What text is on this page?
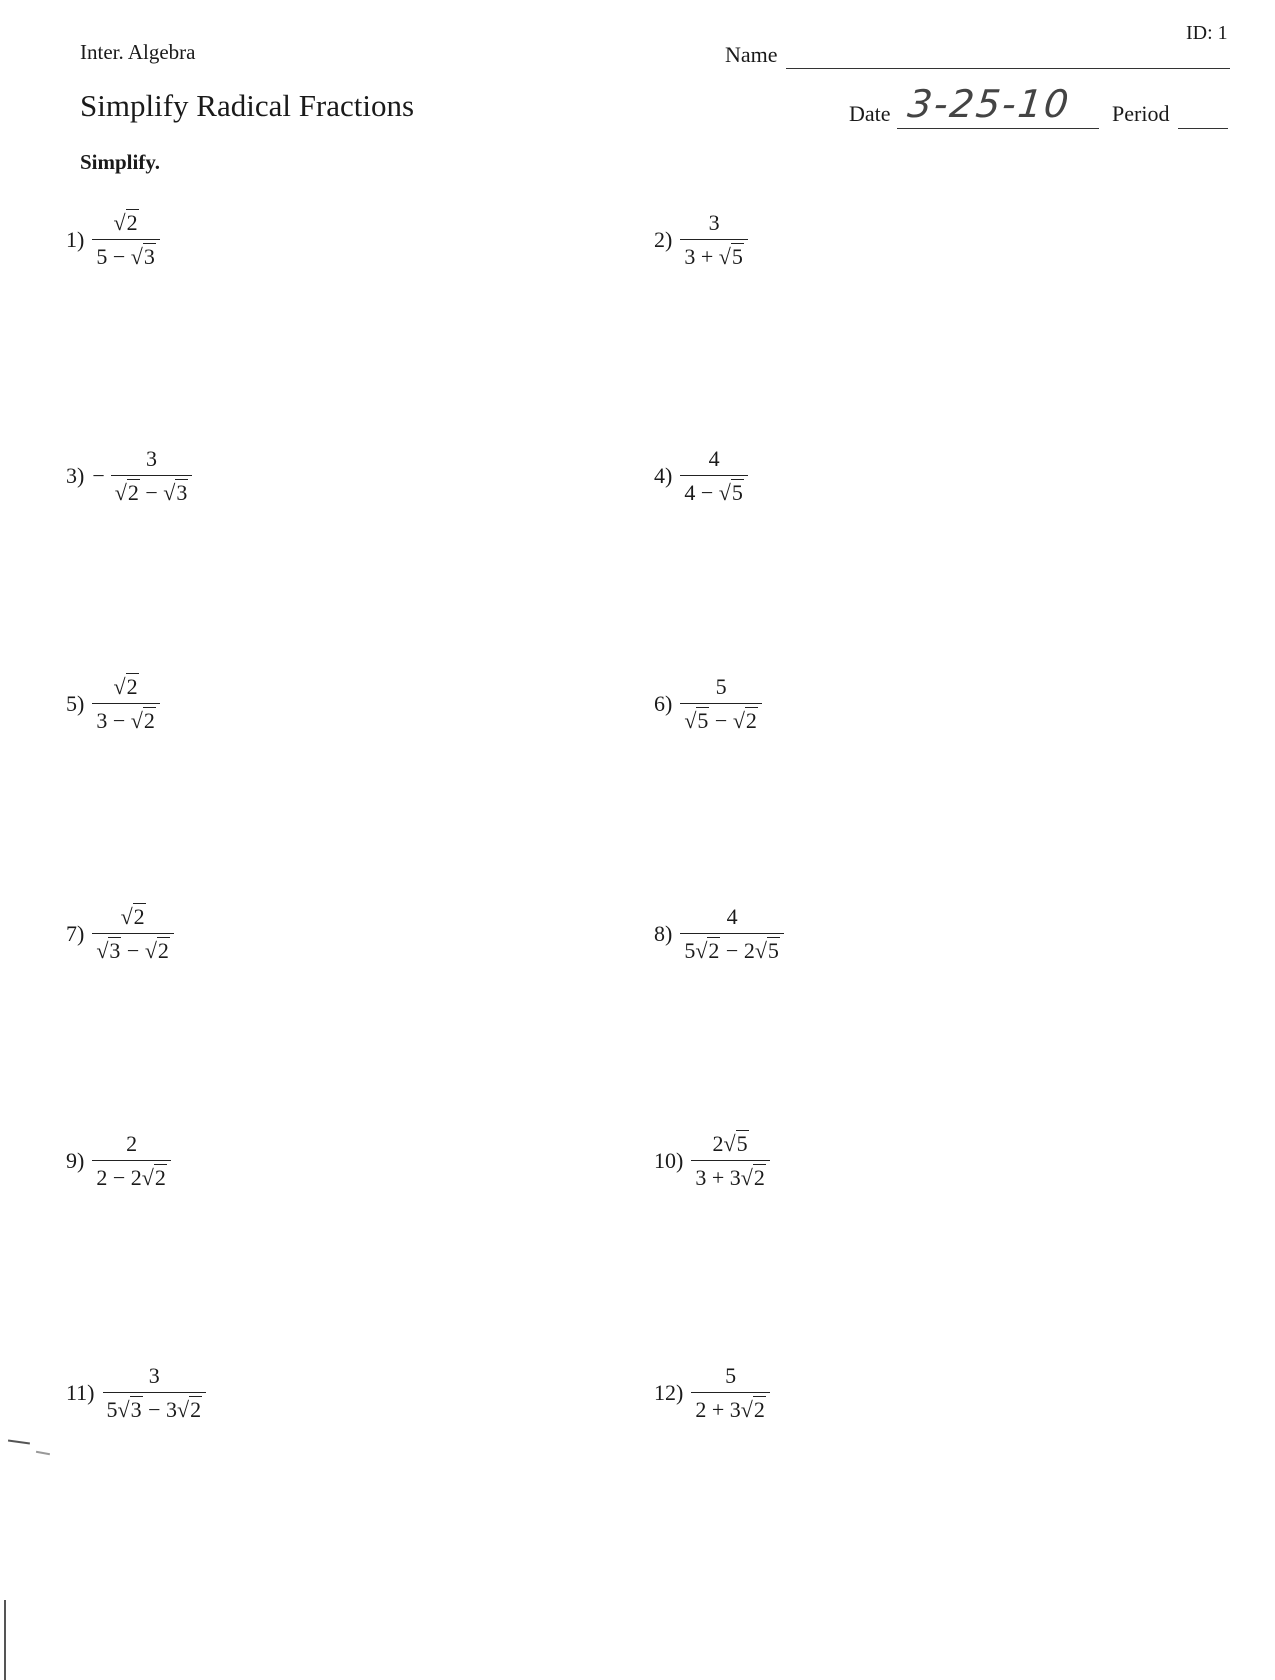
Inter. Algebra
ID: 1
Name
Simplify Radical Fractions	Date 3-25-10 Period
Simplify.
$1) \frac{√2}{5 - √3}$	$2) \frac{3}{3 + √5}$
$3) - \frac{3}{√2 - √3}$	$4) \frac{4}{4 - √5}$
$5) \frac{√2}{3 - √2}$	$6) \frac{5}{√5 - √2}$
$7) \frac{√2}{√3 - √2}$	$8) \frac{4}{5√2 - 2√5}$
$9) \frac{2}{2 - 2√2}$	$10) \frac{2√5}{3 + 3√2}$
$11) \frac{3}{5√3 - 3√2}$	$12) \frac{5}{2 + 3√2}$
